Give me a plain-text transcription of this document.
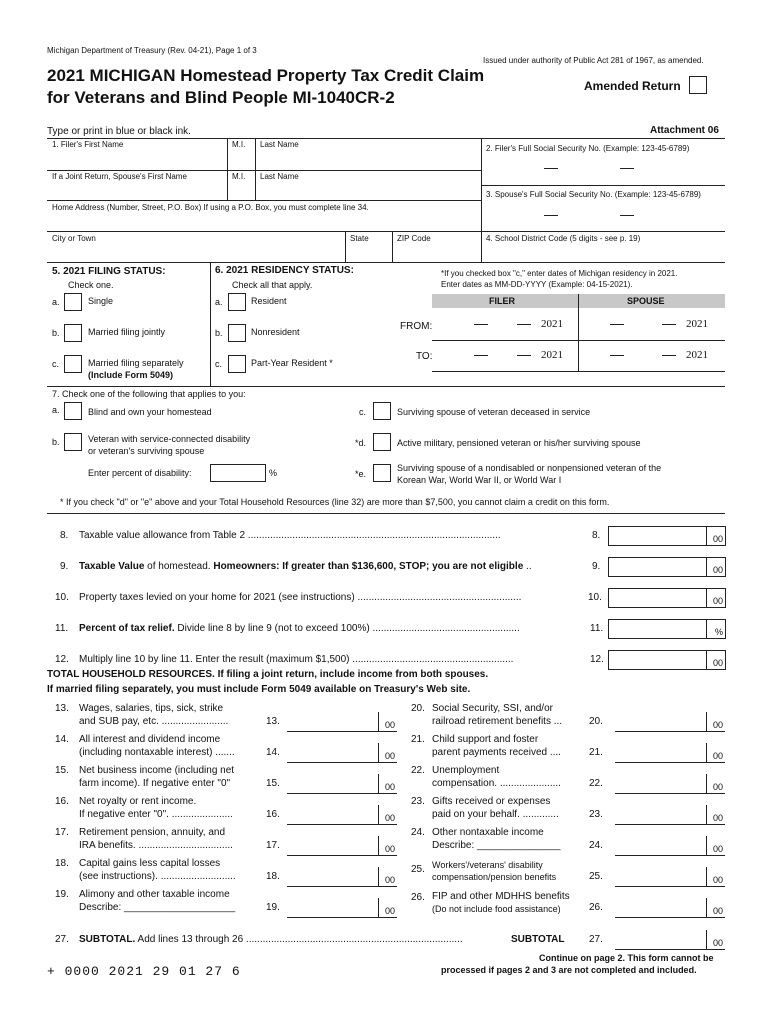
Michigan Department of Treasury (Rev. 04-21), Page 1 of 3
Issued under authority of Public Act 281 of 1967, as amended.
2021 MICHIGAN Homestead Property Tax Credit Claim
for Veterans and Blind People MI-1040CR-2
Amended Return
Type or print in blue or black ink.	Attachment 06
1. Filer's First Name	M.I. Last Name	2. Filer's Full Social Security No. (Example: 123-45-6789)
If a Joint Return, Spouse's First Name	M.I. Last Name
3. Spouse's Full Social Security No. (Example: 123-45-6789)
Home Address (Number, Street, P.O. Box) If using a P.O. Box, you must complete line 34.
City or Town	State	ZIP Code	4. School District Code (5 digits - see p. 19)
5. 2021 FILING STATUS:
Check one.
a.	Single
b.	Married filing jointly
c.	Married filing separately
(Include Form 5049)
6. 2021 RESIDENCY STATUS:
Check all that apply.
a.	Resident
b.	Nonresident
c.	Part-Year Resident *
*If you checked box "c," enter dates of Michigan residency in 2021.
Enter dates as MM-DD-YYYY (Example: 04-15-2021).
FILER	SPOUSE
FROM:
TO:
2021	2021
2021	2021
7. Check one of the following that applies to you:
a.	Blind and own your homestead
b.	Veteran with service-connected disability
or veteran's surviving spouse
Enter percent of disability:	%
c.	Surviving spouse of veteran deceased in service
*d.	Active military, pensioned veteran or his/her surviving spouse
*e.
Surviving spouse of a nondisabled or nonpensioned veteran of the
Korean War, World War II, or World War I
* If you check "d" or "e" above and your Total Household Resources (line 32) are more than $7,500, you cannot claim a credit on this form.
8. Taxable value allowance from Table 2 ...........................................................................................	8.	00
9. Taxable Value of homestead. Homeowners: If greater than $136,600, STOP; you are not eligible ..	9.	00
10. Property taxes levied on your home for 2021 (see instructions) ...........................................................	10.	00
11. Percent of tax relief. Divide line 8 by line 9 (not to exceed 100%) .....................................................	11.	%
12. Multiply line 10 by line 11. Enter the result (maximum $1,500) ..........................................................	12.	00
TOTAL HOUSEHOLD RESOURCES. If filing a joint return, include income from both spouses.
If married filing separately, you must include Form 5049 available on Treasury's Web site.
13. Wages, salaries, tips, sick, strike
and SUB pay, etc. ........................	13.	00
14. All interest and dividend income
(including nontaxable interest) .......	14.	00
15. Net business income (including net
farm income). If negative enter "0"	15.	00
16. Net royalty or rent income.
If negative enter "0". ......................	16.	00
17. Retirement pension, annuity, and
IRA benefits. ..................................	17.	00
18. Capital gains less capital losses
(see instructions). ...........................	18.	00
19. Alimony and other taxable income
Describe: ____________________	19.	00
20. Social Security, SSI, and/or
railroad retirement benefits ...	20.	00
21. Child support and foster
parent payments received ....	21.	00
22. Unemployment
compensation. ......................	22.	00
23. Gifts received or expenses
paid on your behalf. .............	23.	00
24. Other nontaxable income
Describe: _______________	24.	00
25. Workers'/veterans' disability
compensation/pension benefits	25.	00
26. FIP and other MDHHS benefits
(Do not include food assistance)	26.	00
27. SUBTOTAL. Add lines 13 through 26 ..............................................................................	SUBTOTAL 27.	00
Continue on page 2. This form cannot be
processed if pages 2 and 3 are not completed and included.
+ 0000 2021 29 01 27 6
